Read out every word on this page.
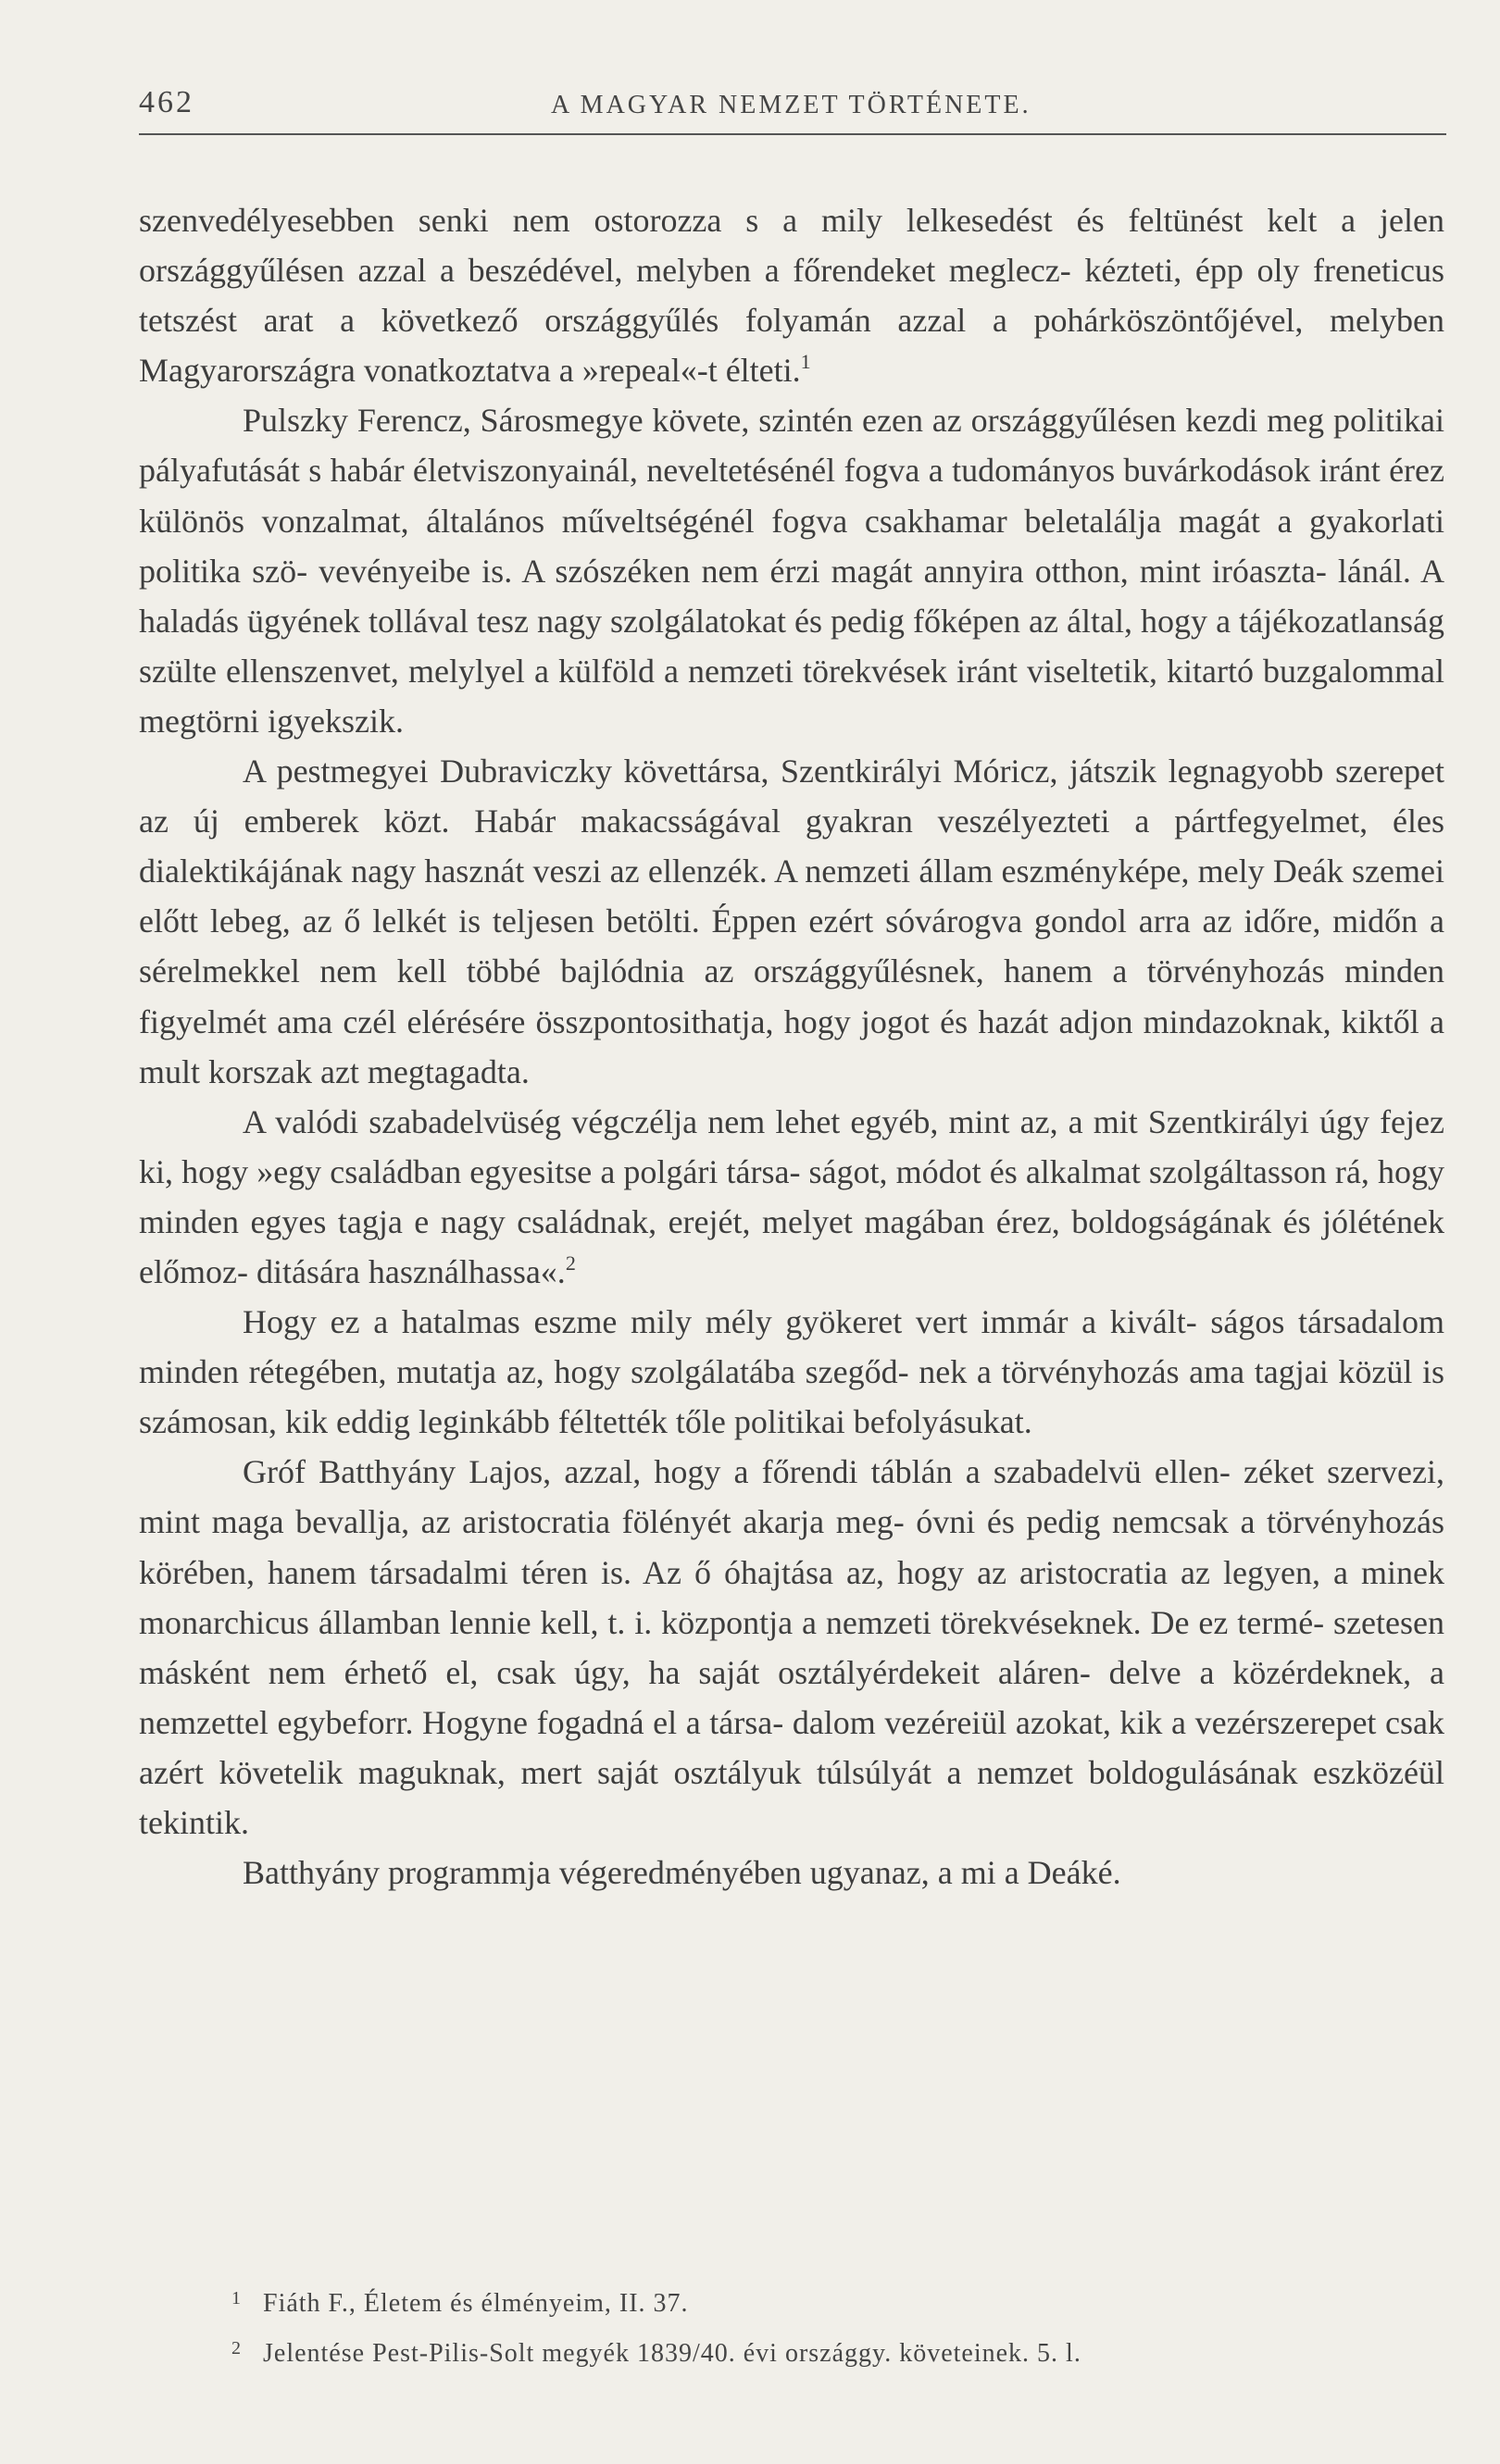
462	A MAGYAR NEMZET TÖRTÉNETE.

szenvedélyesebben senki nem ostorozza s a mily lelkesedést és feltünést kelt a jelen országgyűlésen azzal a beszédével, melyben a főrendeket meglecz- kézteti, épp oly freneticus tetszést arat a következő országgyűlés folyamán azzal a pohárköszöntőjével, melyben Magyarországra vonatkoztatva a »repeal«-t élteti.$^1$

Pulszky Ferencz, Sárosmegye követe, szintén ezen az országgyűlésen kezdi meg politikai pályafutását s habár életviszonyainál, neveltetésénél fogva a tudományos buvárkodások iránt érez különös vonzalmat, általános műveltségénél fogva csakhamar beletalálja magát a gyakorlati politika szö- vevényeibe is. A szószéken nem érzi magát annyira otthon, mint iróaszta- lánál. A haladás ügyének tollával tesz nagy szolgálatokat és pedig főképen az által, hogy a tájékozatlanság szülte ellenszenvet, melylyel a külföld a nemzeti törekvések iránt viseltetik, kitartó buzgalommal megtörni igyekszik.

A pestmegyei Dubraviczky követtársa, Szentkirályi Móricz, játszik legnagyobb szerepet az új emberek közt. Habár makacsságával gyakran veszélyezteti a pártfegyelmet, éles dialektikájának nagy hasznát veszi az ellenzék. A nemzeti állam eszményképe, mely Deák szemei előtt lebeg, az ő lelkét is teljesen betölti. Éppen ezért sóvárogva gondol arra az időre, midőn a sérelmekkel nem kell többé bajlódnia az országgyűlésnek, hanem a törvényhozás minden figyelmét ama czél elérésére összpontosithatja, hogy jogot és hazát adjon mindazoknak, kiktől a mult korszak azt megtagadta.

A valódi szabadelvüség végczélja nem lehet egyéb, mint az, a mit Szentkirályi úgy fejez ki, hogy »egy családban egyesitse a polgári társa- ságot, módot és alkalmat szolgáltasson rá, hogy minden egyes tagja e nagy családnak, erejét, melyet magában érez, boldogságának és jólétének előmoz- ditására használhassa«.$^2$

Hogy ez a hatalmas eszme mily mély gyökeret vert immár a kivált- ságos társadalom minden rétegében, mutatja az, hogy szolgálatába szegőd- nek a törvényhozás ama tagjai közül is számosan, kik eddig leginkább féltették tőle politikai befolyásukat.

Gróf Batthyány Lajos, azzal, hogy a főrendi táblán a szabadelvü ellen- zéket szervezi, mint maga bevallja, az aristocratia fölényét akarja meg- óvni és pedig nemcsak a törvényhozás körében, hanem társadalmi téren is. Az ő óhajtása az, hogy az aristocratia az legyen, a minek monarchicus államban lennie kell, t. i. központja a nemzeti törekvéseknek. De ez termé- szetesen másként nem érhető el, csak úgy, ha saját osztályérdekeit aláren- delve a közérdeknek, a nemzettel egybeforr. Hogyne fogadná el a társa- dalom vezéreiül azokat, kik a vezérszerepet csak azért követelik maguknak, mert saját osztályuk túlsúlyát a nemzet boldogulásának eszközéül tekintik.

Batthyány programmja végeredményében ugyanaz, a mi a Deáké.

1 Fiáth F., Életem és élményeim, II. 37.

2 Jelentése Pest-Pilis-Solt megyék 1839/40. évi országgy. követeinek. 5. l.
